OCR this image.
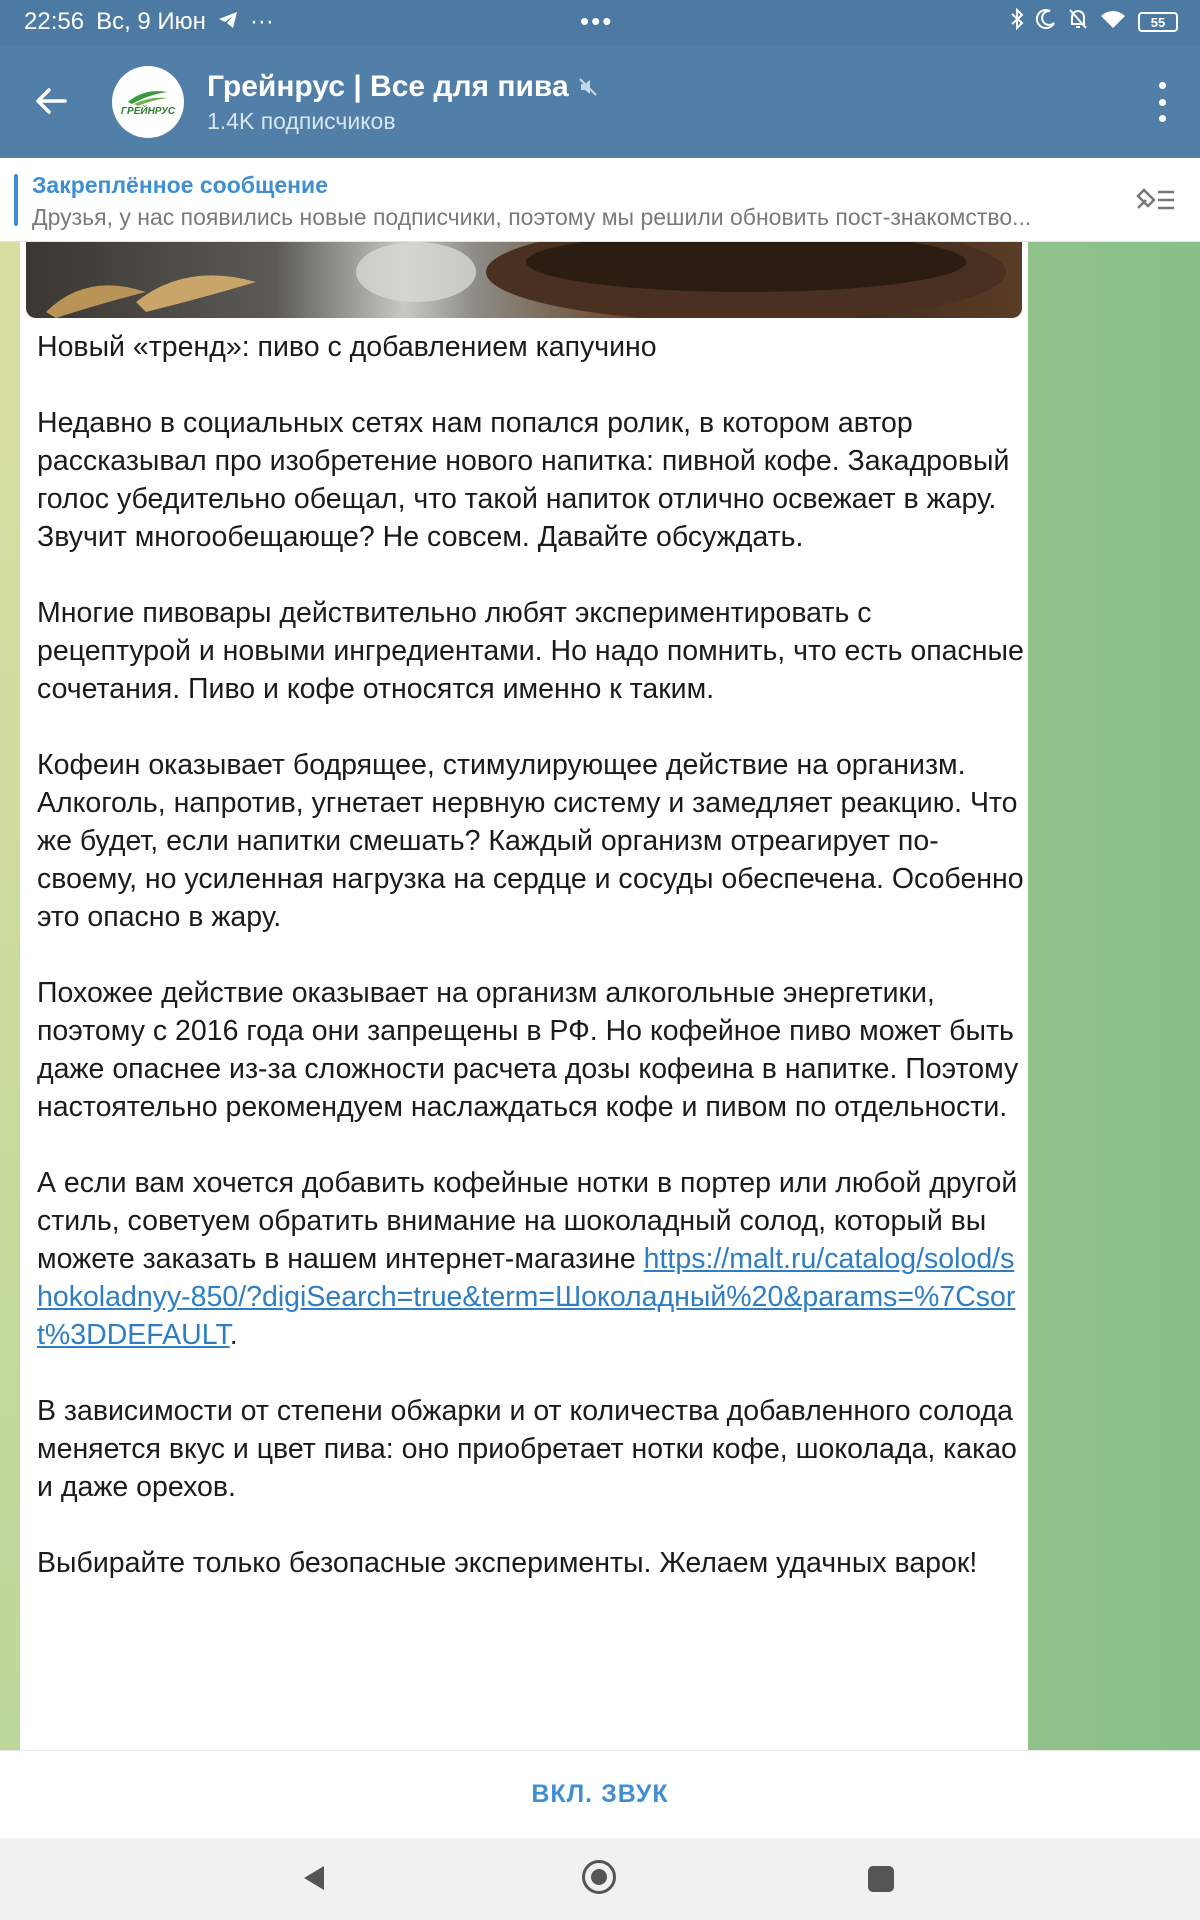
22:56 Вс, 9 Июн ···	•••	55
ГРЕЙНРУС
Грейнрус | Все для пива
1.4K подписчиков
Закреплённое сообщение
Друзья, у нас появились новые подписчики, поэтому мы решили обновить пост-знакомство...

Новый «тренд»: пиво с добавлением капучино

Недавно в социальных сетях нам попался ролик, в котором автор рассказывал про изобретение нового напитка: пивной кофе. Закадровый голос убедительно обещал, что такой напиток отлично освежает в жару. Звучит многообещающе? Не совсем. Давайте обсуждать.

Многие пивовары действительно любят экспериментировать с рецептурой и новыми ингредиентами. Но надо помнить, что есть опасные сочетания. Пиво и кофе относятся именно к таким.

Кофеин оказывает бодрящее, стимулирующее действие на организм. Алкоголь, напротив, угнетает нервную систему и замедляет реакцию. Что же будет, если напитки смешать? Каждый организм отреагирует по-своему, но усиленная нагрузка на сердце и сосуды обеспечена. Особенно это опасно в жару.

Похожее действие оказывает на организм алкогольные энергетики, поэтому с 2016 года они запрещены в РФ. Но кофейное пиво может быть даже опаснее из-за сложности расчета дозы кофеина в напитке. Поэтому настоятельно рекомендуем наслаждаться кофе и пивом по отдельности.

А если вам хочется добавить кофейные нотки в портер или любой другой стиль, советуем обратить внимание на шоколадный солод, который вы можете заказать в нашем интернет-магазине https://malt.ru/catalog/solod/shokoladnyy-850/?digiSearch=true&term=Шоколадный%20&params=%7Csort%3DDEFAULT.

В зависимости от степени обжарки и от количества добавленного солода меняется вкус и цвет пива: оно приобретает нотки кофе, шоколада, какао и даже орехов.

Выбирайте только безопасные эксперименты. Желаем удачных варок!

ВКЛ. ЗВУК
